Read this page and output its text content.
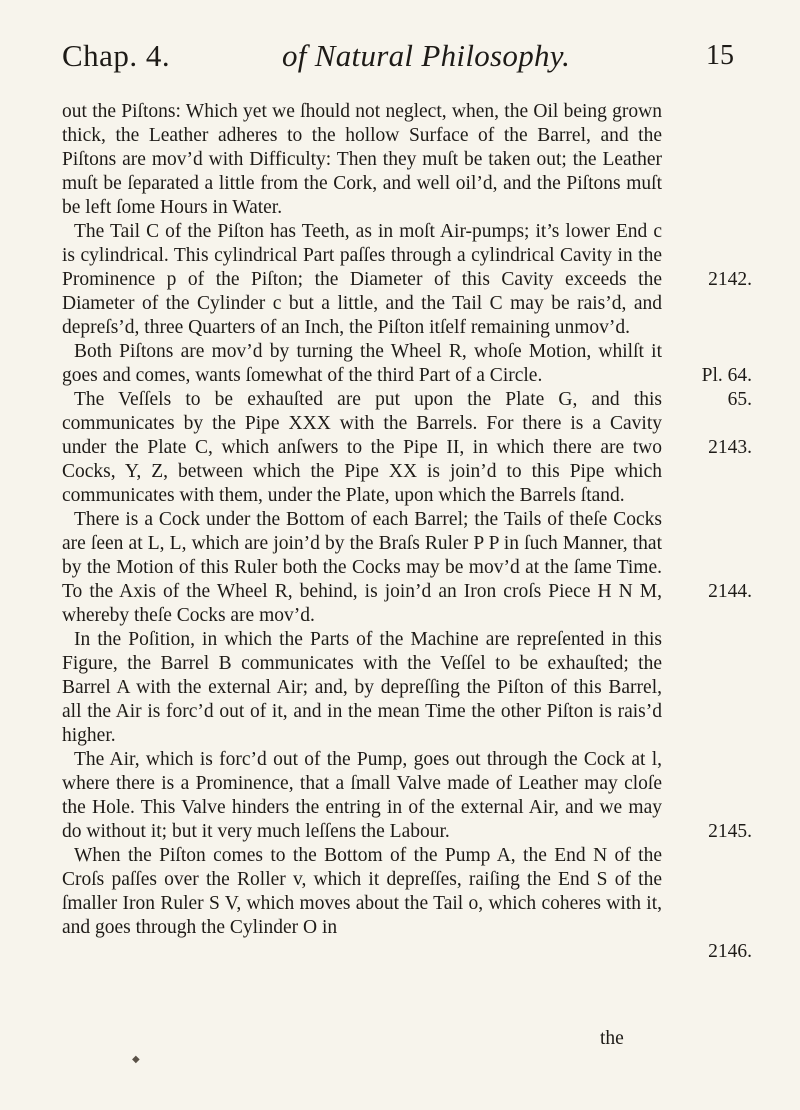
Chap. 4.	of Natural Philosophy.	15

out the Piſtons: Which yet we ſhould not neglect, when, the Oil being grown thick, the Leather adheres to the hollow Surface of the Barrel, and the Piſtons are mov’d with Difficulty: Then they muſt be taken out; the Leather muſt be ſeparated a little from the Cork, and well oil’d, and the Piſtons muſt be left ſome Hours in Water.

The Tail C of the Piſton has Teeth, as in moſt Air-pumps; it’s lower End c is cylindrical. This cylindrical Part paſſes through a cylindrical Cavity in the Prominence p of the Piſton; the Diameter of this Cavity exceeds the Diameter of the Cylinder c but a little, and the Tail C may be rais’d, and depreſs’d, three Quarters of an Inch, the Piſton itſelf remaining unmov’d.

Both Piſtons are mov’d by turning the Wheel R, whoſe Motion, whilſt it goes and comes, wants ſomewhat of the third Part of a Circle.

The Veſſels to be exhauſted are put upon the Plate G, and this communicates by the Pipe XXX with the Barrels. For there is a Cavity under the Plate C, which anſwers to the Pipe II, in which there are two Cocks, Y, Z, between which the Pipe XX is join’d to this Pipe which communicates with them, under the Plate, upon which the Barrels ſtand.

There is a Cock under the Bottom of each Barrel; the Tails of theſe Cocks are ſeen at L, L, which are join’d by the Braſs Ruler P P in ſuch Manner, that by the Motion of this Ruler both the Cocks may be mov’d at the ſame Time. To the Axis of the Wheel R, behind, is join’d an Iron croſs Piece H N M, whereby theſe Cocks are mov’d.

In the Poſition, in which the Parts of the Machine are repreſented in this Figure, the Barrel B communicates with the Veſſel to be exhauſted; the Barrel A with the external Air; and, by depreſſing the Piſton of this Barrel, all the Air is forc’d out of it, and in the mean Time the other Piſton is rais’d higher.

The Air, which is forc’d out of the Pump, goes out through the Cock at l, where there is a Prominence, that a ſmall Valve made of Leather may cloſe the Hole. This Valve hinders the entring in of the external Air, and we may do without it; but it very much leſſens the Labour.

When the Piſton comes to the Bottom of the Pump A, the End N of the Croſs paſſes over the Roller v, which it depreſſes, raiſing the End S of the ſmaller Iron Ruler S V, which moves about the Tail o, which coheres with it, and goes through the Cylinder O in

the
2142.
Pl. 64.
65.
2143.
2144.
2145.
2146.
◆
